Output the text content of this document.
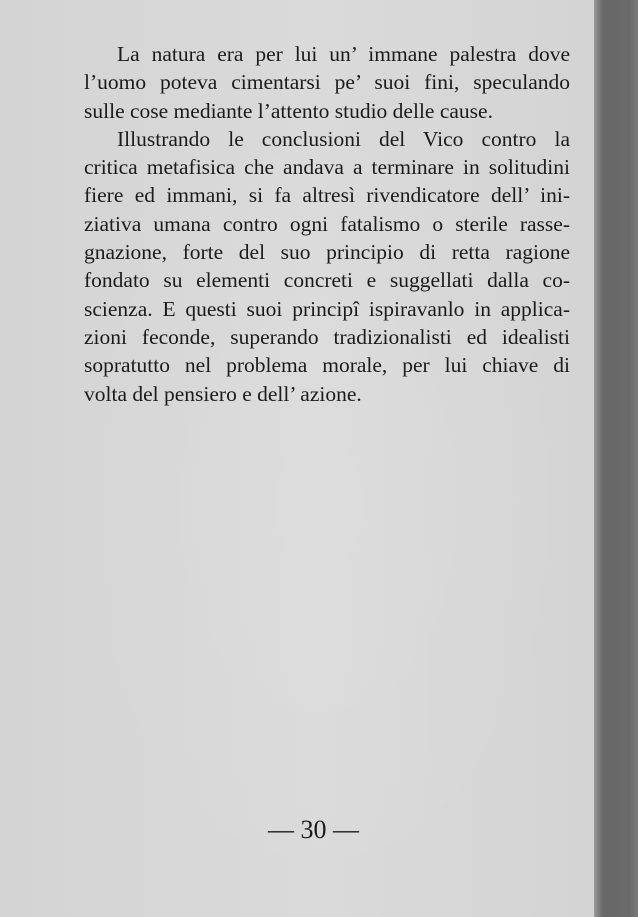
La natura era per lui un’ immane palestra dove
l’uomo poteva cimentarsi pe’ suoi fini, speculando
sulle cose mediante l’attento studio delle cause.
Illustrando le conclusioni del Vico contro la
critica metafisica che andava a terminare in solitudini
fiere ed immani, si fa altresì rivendicatore dell’ ini-
ziativa umana contro ogni fatalismo o sterile rasse-
gnazione, forte del suo principio di retta ragione
fondato su elementi concreti e suggellati dalla co-
scienza. E questi suoi principî ispiravanlo in applica-
zioni feconde, superando tradizionalisti ed idealisti
sopratutto nel problema morale, per lui chiave di
volta del pensiero e dell’ azione.
— 30 —
